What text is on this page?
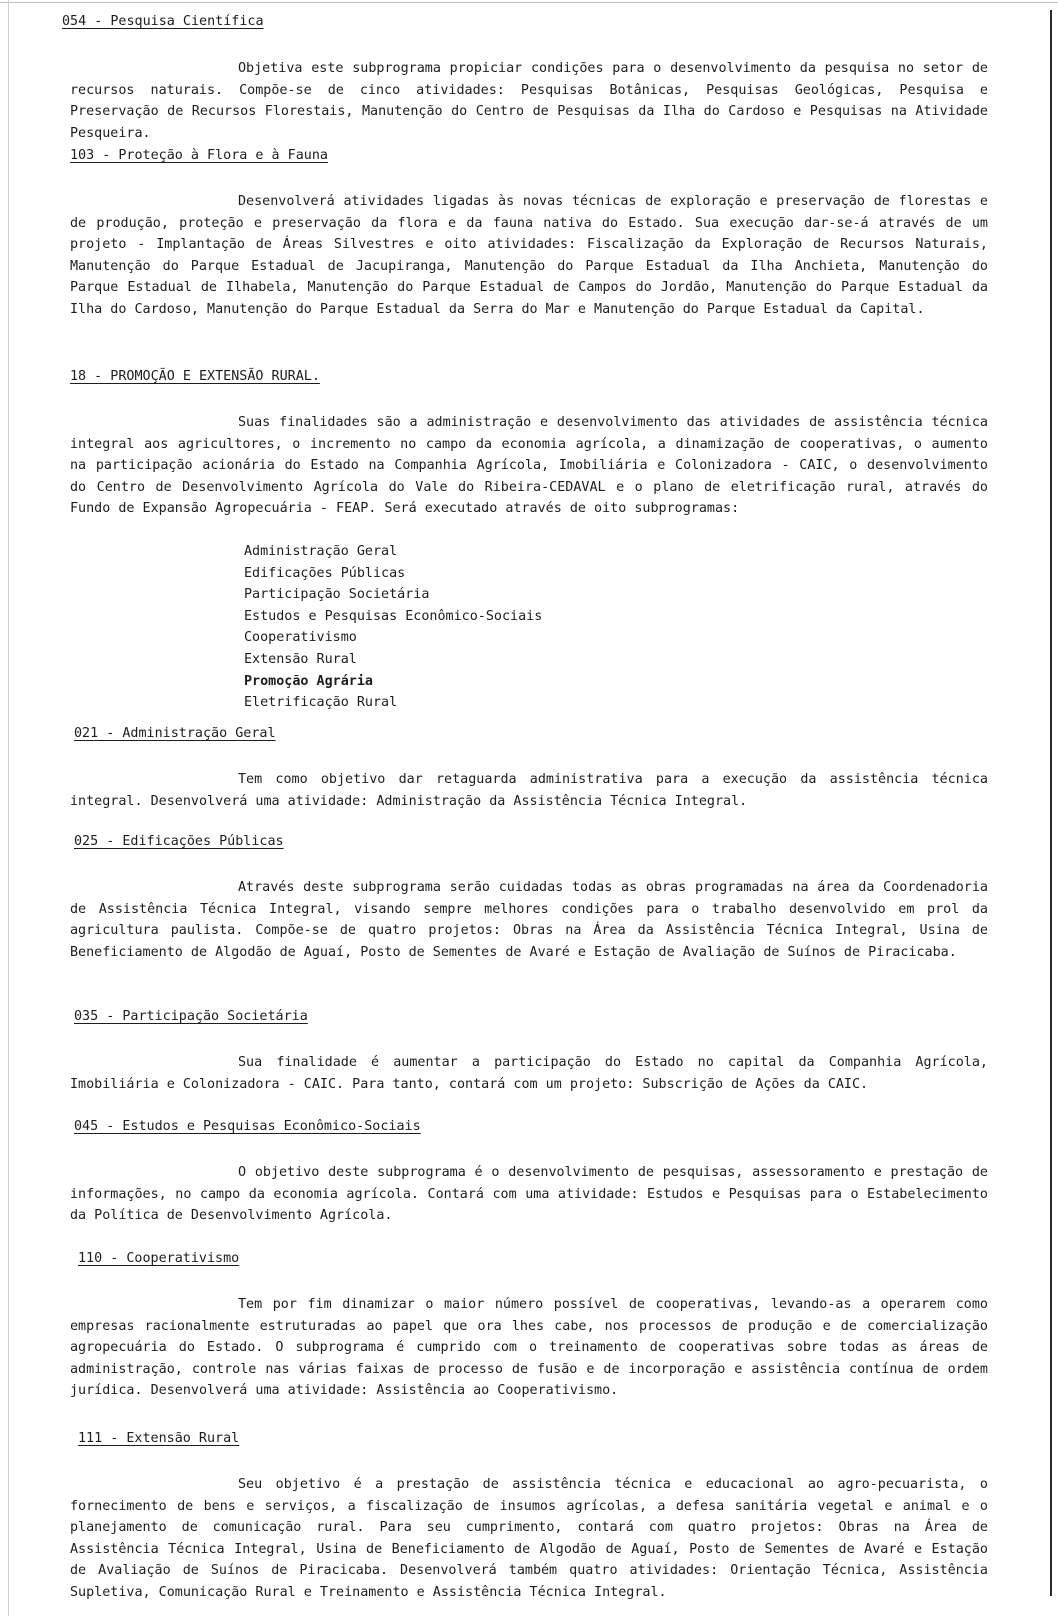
054 - Pesquisa Científica

Objetiva este subprograma propiciar condições para o desenvolvimento da pesquisa no setor de recursos naturais. Compõe-se de cinco atividades: Pesquisas Botânicas, Pesquisas Geológicas, Pesquisa e Preservação de Recursos Florestais, Manutenção do Centro de Pesquisas da Ilha do Cardoso e Pesquisas na Atividade Pesqueira.

103 - Proteção à Flora e à Fauna

Desenvolverá atividades ligadas às novas técnicas de exploração e preservação de florestas e de produção, proteção e preservação da flora e da fauna nativa do Estado. Sua execução dar-se-á através de um projeto - Implantação de Áreas Silvestres e oito atividades: Fiscalização da Exploração de Recursos Naturais, Manutenção do Parque Estadual de Jacupiranga, Manutenção do Parque Estadual da Ilha Anchieta, Manutenção do Parque Estadual de Ilhabela, Manutenção do Parque Estadual de Campos do Jordão, Manutenção do Parque Estadual da Ilha do Cardoso, Manutenção do Parque Estadual da Serra do Mar e Manutenção do Parque Estadual da Capital.

18 - PROMOÇÃO E EXTENSÃO RURAL.

Suas finalidades são a administração e desenvolvimento das atividades de assistência técnica integral aos agricultores, o incremento no campo da economia agrícola, a dinamização de cooperativas, o aumento na participação acionária do Estado na Companhia Agrícola, Imobiliária e Colonizadora - CAIC, o desenvolvimento do Centro de Desenvolvimento Agrícola do Vale do Ribeira-CEDAVAL e o plano de eletrificação rural, através do Fundo de Expansão Agropecuária - FEAP. Será executado através de oito subprogramas:

Administração Geral
Edificações Públicas
Participação Societária
Estudos e Pesquisas Econômico-Sociais
Cooperativismo
Extensão Rural
Promoção Agrária
Eletrificação Rural
021 - Administração Geral

Tem como objetivo dar retaguarda administrativa para a execução da assistência técnica integral. Desenvolverá uma atividade: Administração da Assistência Técnica Integral.

025 - Edificações Públicas

Através deste subprograma serão cuidadas todas as obras programadas na área da Coordenadoria de Assistência Técnica Integral, visando sempre melhores condições para o trabalho desenvolvido em prol da agricultura paulista. Compõe-se de quatro projetos: Obras na Área da Assistência Técnica Integral, Usina de Beneficiamento de Algodão de Aguaí, Posto de Sementes de Avaré e Estação de Avaliação de Suínos de Piracicaba.

035 - Participação Societária

Sua finalidade é aumentar a participação do Estado no capital da Companhia Agrícola, Imobiliária e Colonizadora - CAIC. Para tanto, contará com um projeto: Subscrição de Ações da CAIC.

045 - Estudos e Pesquisas Econômico-Sociais

O objetivo deste subprograma é o desenvolvimento de pesquisas, assessoramento e prestação de informações, no campo da economia agrícola. Contará com uma atividade: Estudos e Pesquisas para o Estabelecimento da Política de Desenvolvimento Agrícola.

110 - Cooperativismo

Tem por fim dinamizar o maior número possível de cooperativas, levando-as a operarem como empresas racionalmente estruturadas ao papel que ora lhes cabe, nos processos de produção e de comercialização agropecuária do Estado. O subprograma é cumprido com o treinamento de cooperativas sobre todas as áreas de administração, controle nas várias faixas de processo de fusão e de incorporação e assistência contínua de ordem jurídica. Desenvolverá uma atividade: Assistência ao Cooperativismo.

111 - Extensão Rural

Seu objetivo é a prestação de assistência técnica e educacional ao agro-pecuarista, o fornecimento de bens e serviços, a fiscalização de insumos agrícolas, a defesa sanitária vegetal e animal e o planejamento de comunicação rural. Para seu cumprimento, contará com quatro projetos: Obras na Área de Assistência Técnica Integral, Usina de Beneficiamento de Algodão de Aguaí, Posto de Sementes de Avaré e Estação de Avaliação de Suínos de Piracicaba. Desenvolverá também quatro atividades: Orientação Técnica, Assistência Supletiva, Comunicação Rural e Treinamento e Assistência Técnica Integral.
